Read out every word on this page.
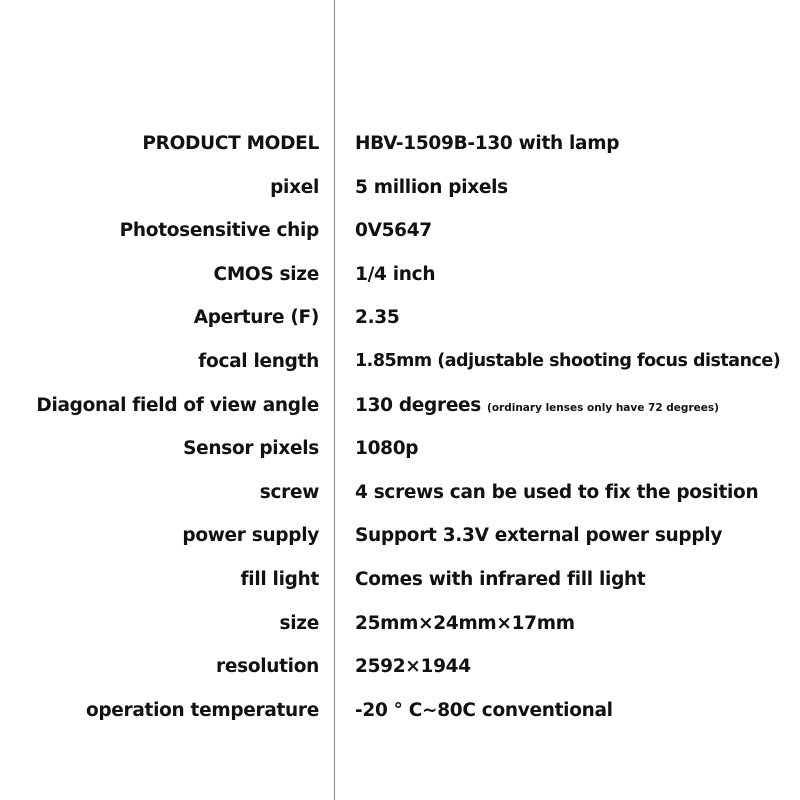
PRODUCT MODEL HBV-1509B-130 with lamp
pixel 5 million pixels
Photosensitive chip 0V5647
CMOS size 1/4 inch
Aperture (F) 2.35
focal length 1.85mm (adjustable shooting focus distance)
Diagonal field of view angle 130 degrees (ordinary lenses only have 72 degrees)
Sensor pixels 1080p
screw 4 screws can be used to fix the position
power supply Support 3.3V external power supply
fill light Comes with infrared fill light
size 25mm×24mm×17mm
resolution 2592×1944
operation temperature -20 ° C~80C conventional
